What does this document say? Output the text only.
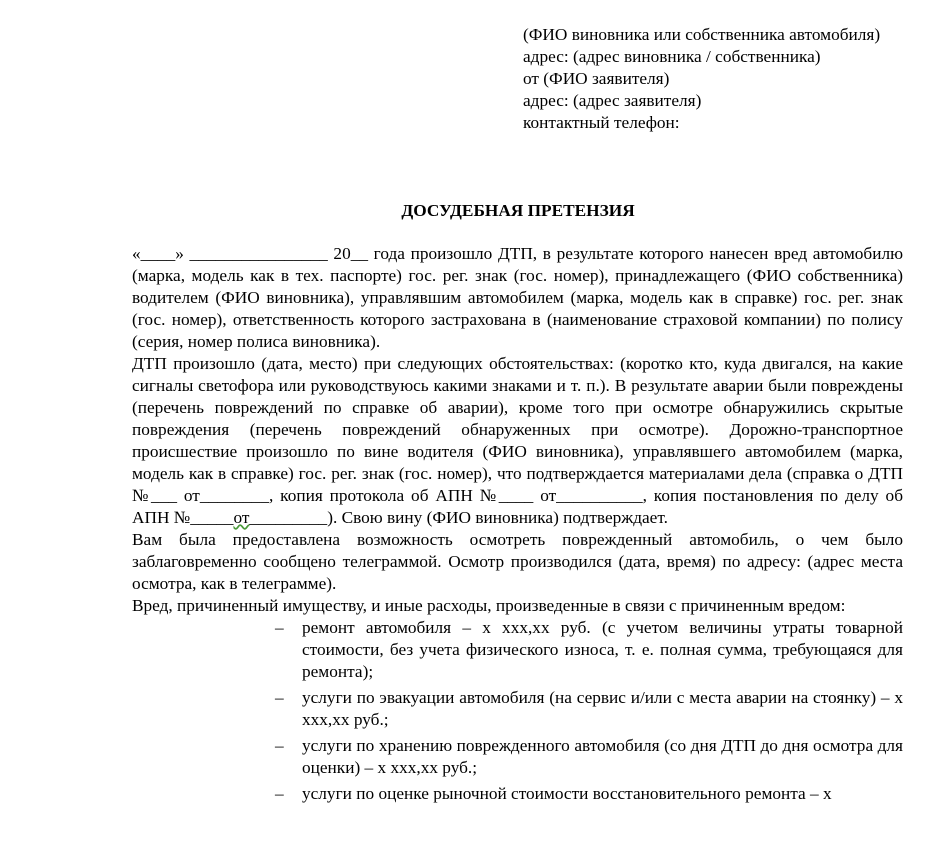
(ФИО виновника или собственника автомобиля)

адрес: (адрес виновника / собственника)

от (ФИО заявителя)

адрес: (адрес заявителя)

контактный телефон:

ДОСУДЕБНАЯ ПРЕТЕНЗИЯ

«____» ________________ 20__ года произошло ДТП, в результате которого нанесен вред автомобилю (марка, модель как в тех. паспорте) гос. рег. знак (гос. номер), принадлежащего (ФИО собственника) водителем (ФИО виновника), управлявшим автомобилем (марка, модель как в справке) гос. рег. знак (гос. номер), ответственность которого застрахована в (наименование страховой компании) по полису (серия, номер полиса виновника).

ДТП произошло (дата, место) при следующих обстоятельствах: (коротко кто, куда двигался, на какие сигналы светофора или руководствуюсь какими знаками и т. п.). В результате аварии были повреждены (перечень повреждений по справке об аварии), кроме того при осмотре обнаружились скрытые повреждения (перечень повреждений обнаруженных при осмотре). Дорожно-транспортное происшествие произошло по вине водителя (ФИО виновника), управлявшего автомобилем (марка, модель как в справке) гос. рег. знак (гос. номер), что подтверждается материалами дела (справка о ДТП №___ от________, копия протокола об АПН №____ от__________, копия постановления по делу об АПН №_____от_________). Свою вину (ФИО виновника) подтверждает.

Вам была предоставлена возможность осмотреть поврежденный автомобиль, о чем было заблаговременно сообщено телеграммой. Осмотр производился (дата, время) по адресу: (адрес места осмотра, как в телеграмме).

Вред, причиненный имуществу, и иные расходы, произведенные в связи с причиненным вредом:

– ремонт автомобиля – х ххх,хх руб. (с учетом величины утраты товарной стоимости, без учета физического износа, т. е. полная сумма, требующаяся для ремонта);
– услуги по эвакуации автомобиля (на сервис и/или с места аварии на стоянку) – х ххх,хх руб.;
– услуги по хранению поврежденного автомобиля (со дня ДТП до дня осмотра для оценки) – х ххх,хх руб.;
– услуги по оценке рыночной стоимости восстановительного ремонта – х
